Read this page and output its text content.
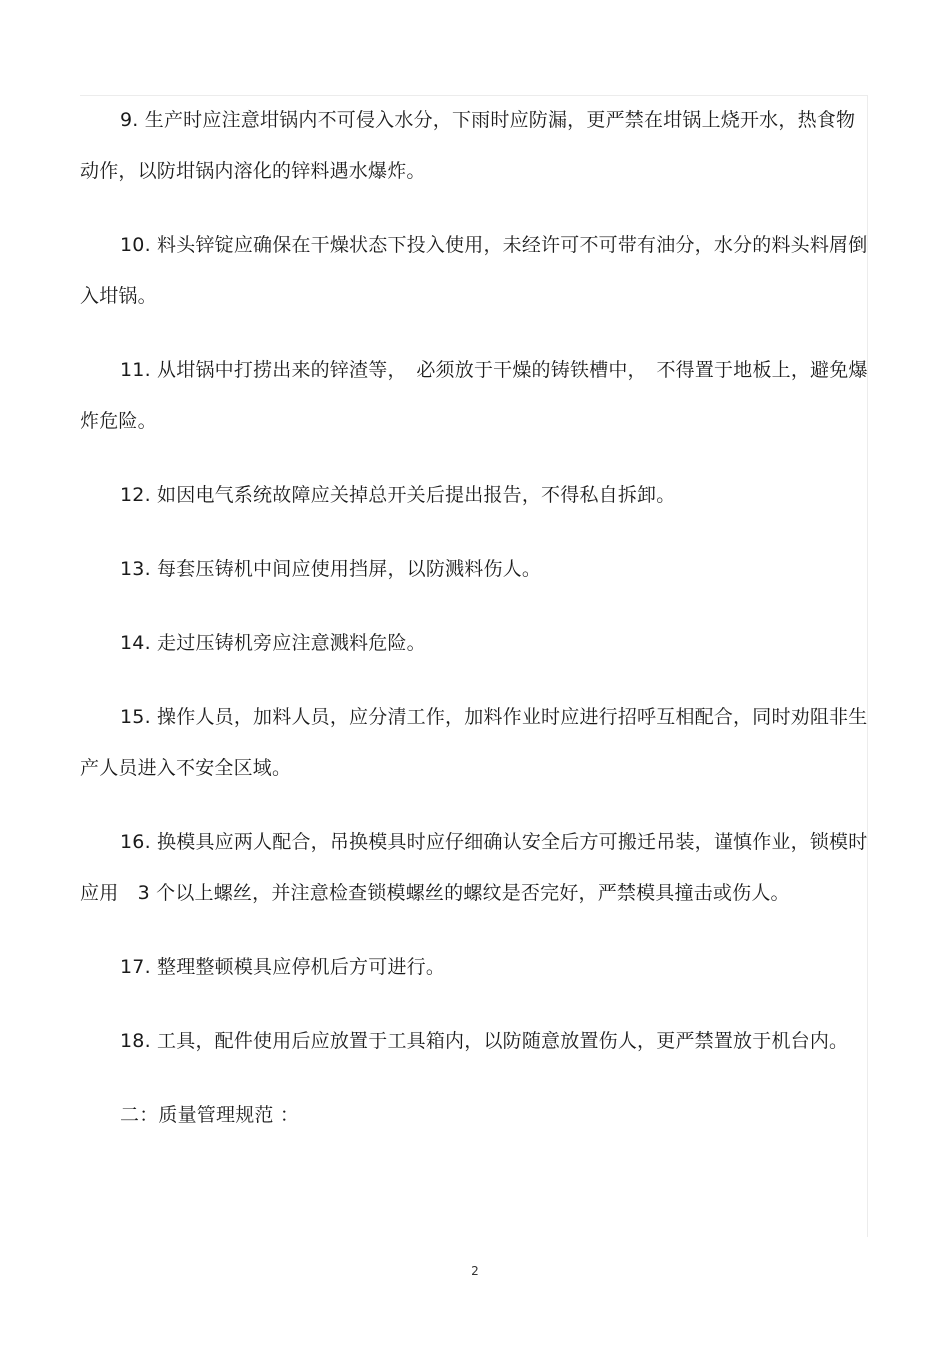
9. 生产时应注意坩锅内不可侵入水分，下雨时应防漏，更严禁在坩锅上烧开水，热食物动作，以防坩锅内溶化的锌料遇水爆炸。

10. 料头锌锭应确保在干燥状态下投入使用，未经许可不可带有油分，水分的料头料屑倒入坩锅。

11. 从坩锅中打捞出来的锌渣等，　必须放于干燥的铸铁槽中，　不得置于地板上，避免爆炸危险。

12. 如因电气系统故障应关掉总开关后提出报告，不得私自拆卸。

13. 每套压铸机中间应使用挡屏，以防溅料伤人。

14. 走过压铸机旁应注意溅料危险。

15. 操作人员，加料人员，应分清工作，加料作业时应进行招呼互相配合，同时劝阻非生产人员进入不安全区域。

16. 换模具应两人配合，吊换模具时应仔细确认安全后方可搬迁吊装，谨慎作业，锁模时应用　3 个以上螺丝，并注意检查锁模螺丝的螺纹是否完好，严禁模具撞击或伤人。

17. 整理整顿模具应停机后方可进行。

18. 工具，配件使用后应放置于工具箱内，以防随意放置伤人，更严禁置放于机台内。

二：质量管理规范 ：

2
